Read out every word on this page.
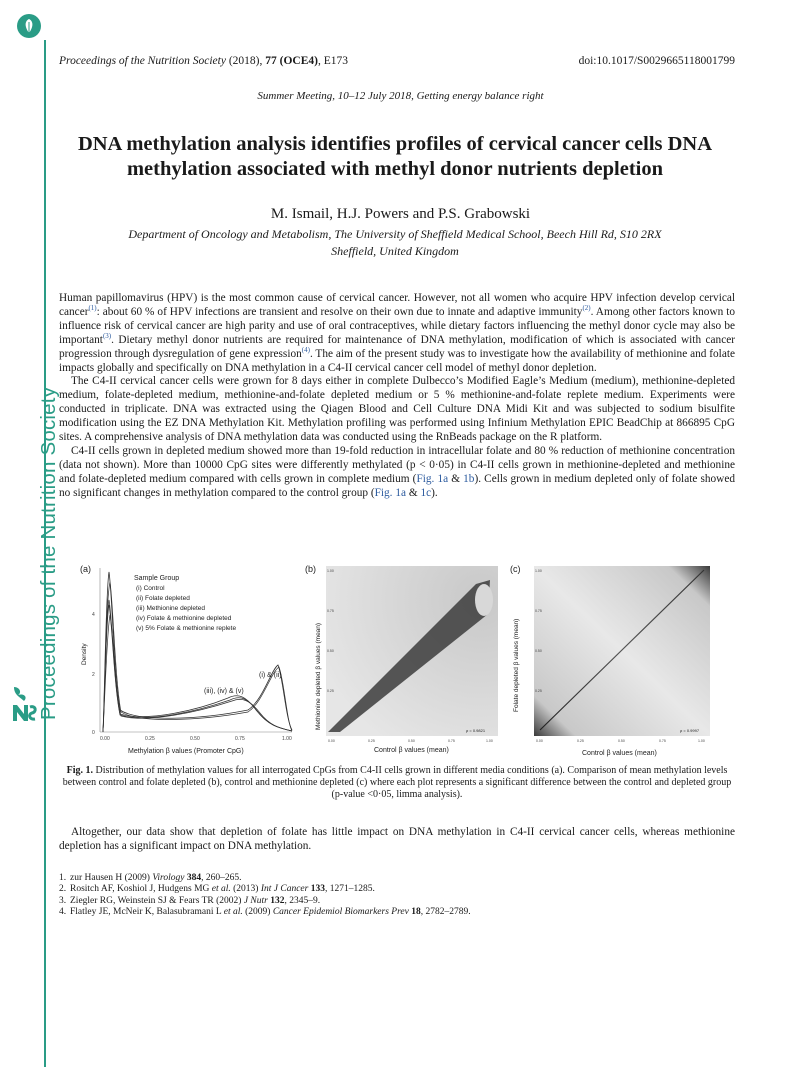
Proceedings of the Nutrition Society
Proceedings of the Nutrition Society (2018), 77 (OCE4), E173	doi:10.1017/S0029665118001799
Summer Meeting, 10–12 July 2018, Getting energy balance right
DNA methylation analysis identifies profiles of cervical cancer cells DNA methylation associated with methyl donor nutrients depletion
M. Ismail, H.J. Powers and P.S. Grabowski
Department of Oncology and Metabolism, The University of Sheffield Medical School, Beech Hill Rd, S10 2RX
Sheffield, United Kingdom

Human papillomavirus (HPV) is the most common cause of cervical cancer. However, not all women who acquire HPV infection develop cervical cancer$^{(1)}$: about 60 % of HPV infections are transient and resolve on their own due to innate and adaptive immunity$^{(2)}$. Among other factors known to influence risk of cervical cancer are high parity and use of oral contraceptives, while dietary factors influencing the methyl donor cycle may also be important$^{(3)}$. Dietary methyl donor nutrients are required for maintenance of DNA methylation, modification of which is associated with cancer progression through dysregulation of gene expression$^{(4)}$. The aim of the present study was to investigate how the availability of methionine and folate impacts globally and specifically on DNA methylation in a C4-II cervical cancer cell model of methyl donor depletion.

The C4-II cervical cancer cells were grown for 8 days either in complete Dulbecco’s Modified Eagle’s Medium (medium), methionine-depleted medium, folate-depleted medium, methionine-and-folate depleted medium or 5 % methionine-and-folate replete medium. Experiments were conducted in triplicate. DNA was extracted using the Qiagen Blood and Cell Culture DNA Midi Kit and was subjected to sodium bisulfite modification using the EZ DNA Methylation Kit. Methylation profiling was performed using Infinium Methylation EPIC BeadChip at 866895 CpG sites. A comprehensive analysis of DNA methylation data was conducted using the RnBeads package on the R platform.

C4-II cells grown in depleted medium showed more than 19-fold reduction in intracellular folate and 80 % reduction of methionine concentration (data not shown). More than 10000 CpG sites were differently methylated (p < 0·05) in C4-II cells grown in methionine-depleted and methionine and folate-depleted medium compared with cells grown in complete medium (Fig. 1a & 1b). Cells grown in medium depleted only of folate showed no significant changes in methylation compared to the control group (Fig. 1a & 1c).

(a)
0
2
4
Density
0.00	0.25	0.50	0.75	1.00
Methylation β values (Promoter CpG)
Sample Group
(i) Control
(ii) Folate depleted
(iii) Methionine depleted
(iv) Folate & methionine depleted
(v) 5% Folate & methionine replete
(i) & (ii)
(iii), (iv) & (v)
(b)
Methionine depleted β values (mean)
Control β values (mean)
ρ = 0.9821
0.00	0.25	0.50	0.75	1.00
0.25
0.50
0.75
1.00	(c)
Folate depleted β values (mean)
Control β values (mean)
ρ = 0.9997
0.00	0.25	0.50	0.75	1.00
0.25
0.50
0.75
1.00
Fig. 1. Distribution of methylation values for all interrogated CpGs from C4-II cells grown in different media conditions (a). Comparison of mean methylation levels between control and folate depleted (b), control and methionine depleted (c) where each plot represents a significant difference between the control and depleted group (p-value <0·05, limma analysis).

Altogether, our data show that depletion of folate has little impact on DNA methylation in C4-II cervical cancer cells, whereas methionine depletion has a significant impact on DNA methylation.

1. zur Hausen H (2009) Virology 384, 260–265.
2. Rositch AF, Koshiol J, Hudgens MG et al. (2013) Int J Cancer 133, 1271–1285.
3. Ziegler RG, Weinstein SJ & Fears TR (2002) J Nutr 132, 2345–9.
4. Flatley JE, McNeir K, Balasubramani L et al. (2009) Cancer Epidemiol Biomarkers Prev 18, 2782–2789.
